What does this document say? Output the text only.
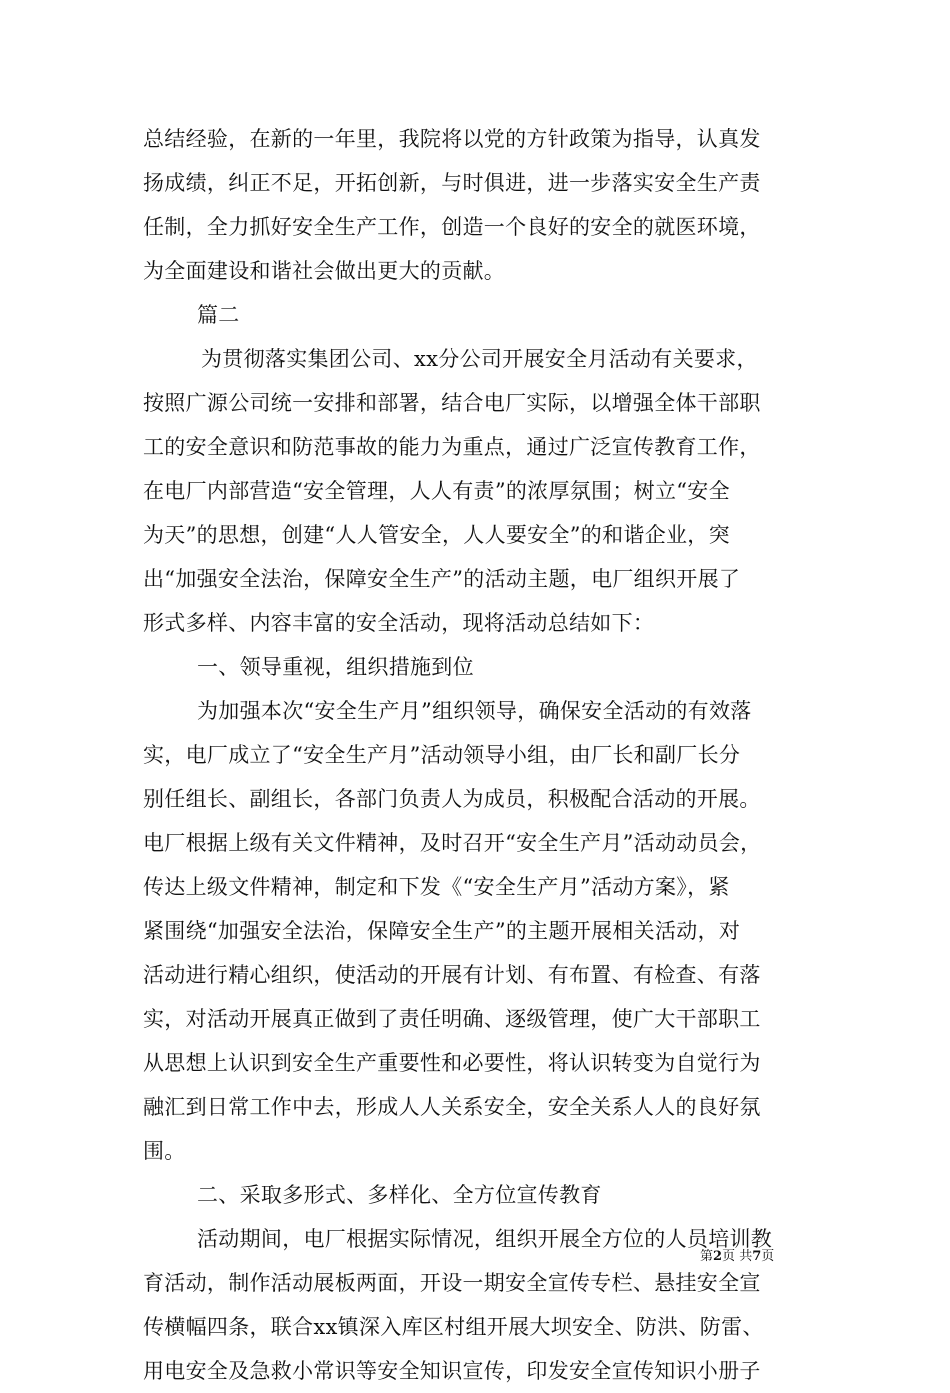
总结经验，在新的一年里，我院将以党的方针政策为指导，认真发
扬成绩，纠正不足，开拓创新，与时俱进，进一步落实安全生产责
任制，全力抓好安全生产工作，创造一个良好的安全的就医环境，
为全面建设和谐社会做出更大的贡献。
篇二
为贯彻落实集团公司、xx分公司开展安全月活动有关要求，
按照广源公司统一安排和部署，结合电厂实际，以增强全体干部职
工的安全意识和防范事故的能力为重点，通过广泛宣传教育工作，
在电厂内部营造“安全管理，人人有责”的浓厚氛围；树立“安全
为天”的思想，创建“人人管安全，人人要安全”的和谐企业，突
出“加强安全法治，保障安全生产”的活动主题，电厂组织开展了
形式多样、内容丰富的安全活动，现将活动总结如下：
一、领导重视，组织措施到位
为加强本次“安全生产月”组织领导，确保安全活动的有效落
实，电厂成立了“安全生产月”活动领导小组，由厂长和副厂长分
别任组长、副组长，各部门负责人为成员，积极配合活动的开展。
电厂根据上级有关文件精神，及时召开“安全生产月”活动动员会，
传达上级文件精神，制定和下发《“安全生产月”活动方案》，紧
紧围绕“加强安全法治，保障安全生产”的主题开展相关活动，对
活动进行精心组织，使活动的开展有计划、有布置、有检查、有落
实，对活动开展真正做到了责任明确、逐级管理，使广大干部职工
从思想上认识到安全生产重要性和必要性，将认识转变为自觉行为
融汇到日常工作中去，形成人人关系安全，安全关系人人的良好氛
围。
二、采取多形式、多样化、全方位宣传教育
活动期间，电厂根据实际情况，组织开展全方位的人员培训教
育活动，制作活动展板两面，开设一期安全宣传专栏、悬挂安全宣
传横幅四条，联合xx镇深入库区村组开展大坝安全、防洪、防雷、
用电安全及急救小常识等安全知识宣传，印发安全宣传知识小册子
第2页 共7页
